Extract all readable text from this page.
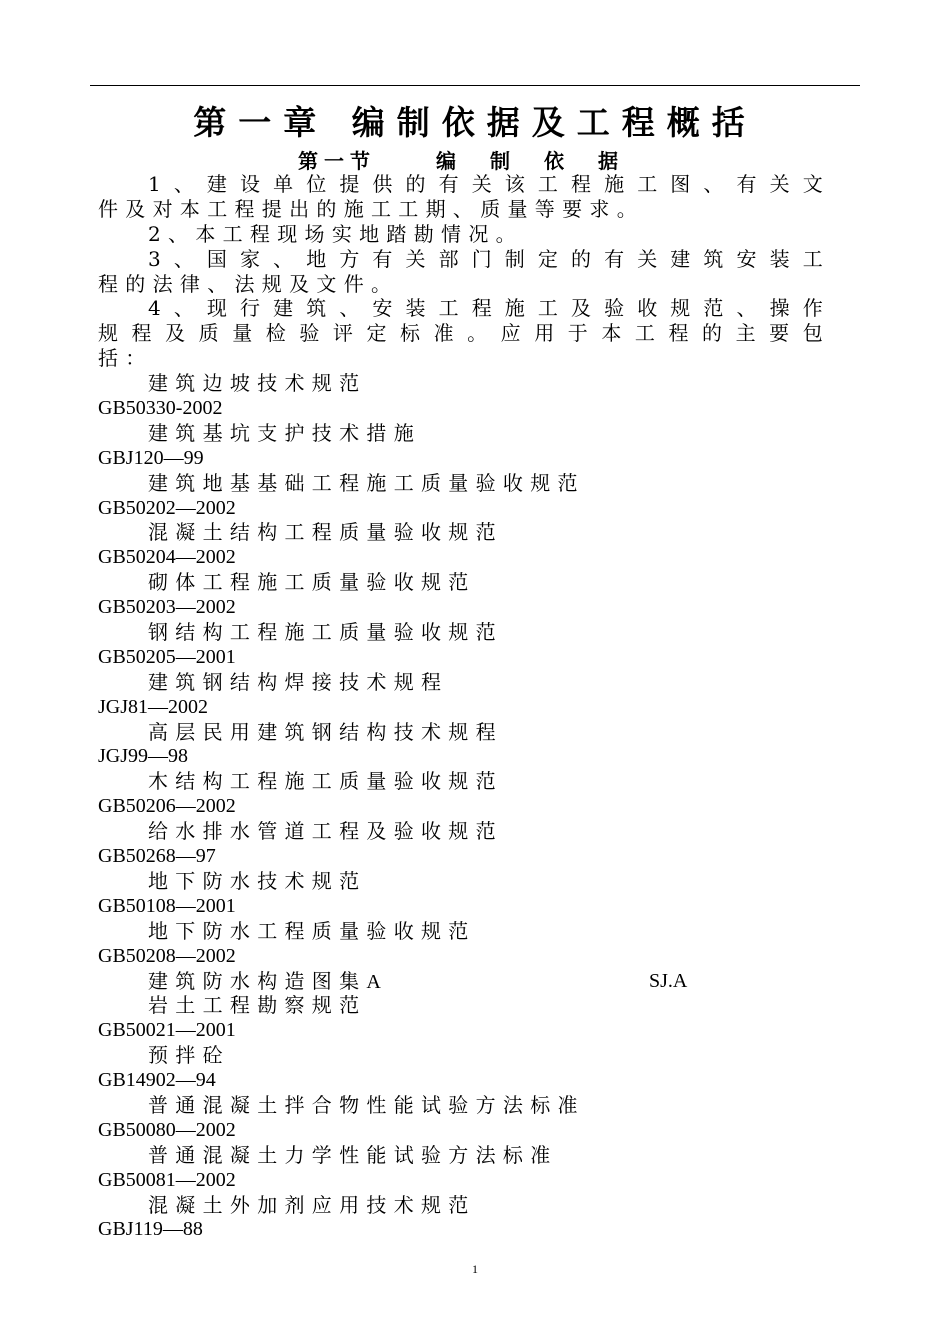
第一章 编制依据及工程概括
第一节	编制依据
1、建设单位提供的有关该工程施工图、有关文
件及对本工程提出的施工工期、质量等要求。
2、本工程现场实地踏勘情况。
3、国家、地方有关部门制定的有关建筑安装工
程的法律、法规及文件。
4、现行建筑、安装工程施工及验收规范、操作
规程及质量检验评定标准。应用于本工程的主要包
括：
建筑边坡技术规范
GB50330-2002
建筑基坑支护技术措施
GBJ120—99
建筑地基基础工程施工质量验收规范
GB50202—2002
混凝土结构工程质量验收规范
GB50204—2002
砌体工程施工质量验收规范
GB50203—2002
钢结构工程施工质量验收规范
GB50205—2001
建筑钢结构焊接技术规程
JGJ81—2002
高层民用建筑钢结构技术规程
JGJ99—98
木结构工程施工质量验收规范
GB50206—2002
给水排水管道工程及验收规范
GB50268—97
地下防水技术规范
GB50108—2001
地下防水工程质量验收规范
GB50208—2002
建筑防水构造图集A	SJ.A
岩土工程勘察规范
GB50021—2001
预拌砼
GB14902—94
普通混凝土拌合物性能试验方法标准
GB50080—2002
普通混凝土力学性能试验方法标准
GB50081—2002
混凝土外加剂应用技术规范
GBJ119—88
1
